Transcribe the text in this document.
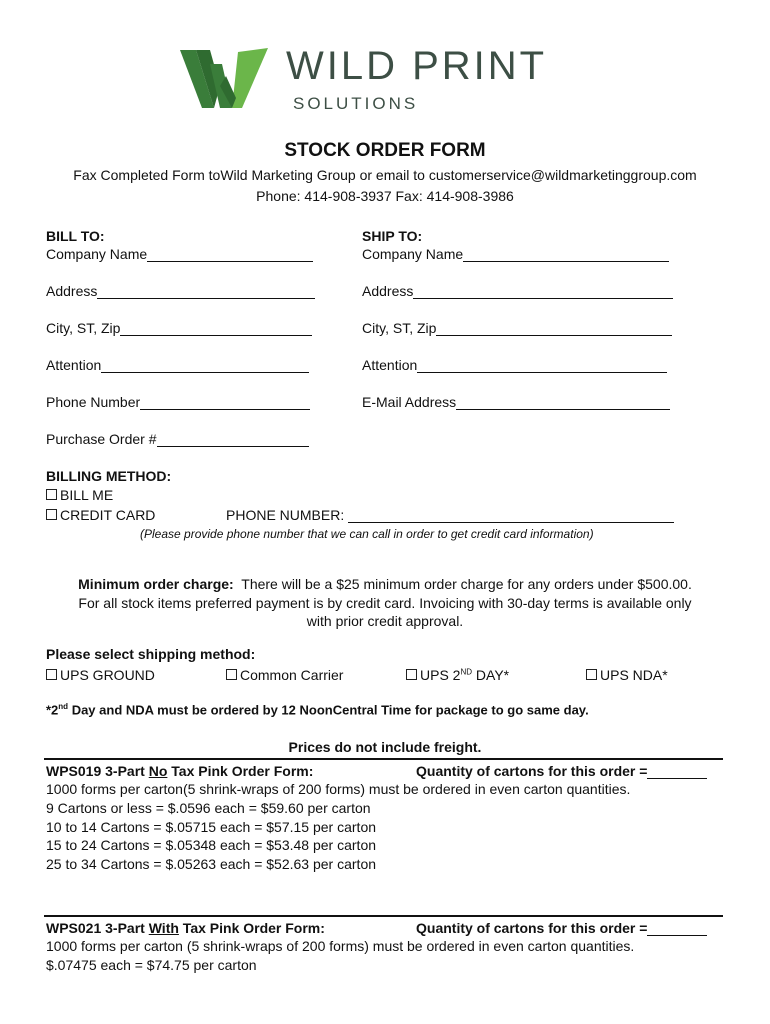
WILD PRINT
SOLUTIONS
STOCK ORDER FORM
Fax Completed Form toWild Marketing Group or email to customerservice@wildmarketinggroup.com
Phone: 414-908-3937 Fax: 414-908-3986
BILL TO:
Company Name
Address
City, ST, Zip
Attention
Phone Number
Purchase Order #
SHIP TO:
Company Name
Address
City, ST, Zip
Attention
E-Mail Address
BILLING METHOD:
BILL ME
CREDIT CARD	PHONE NUMBER:
(Please provide phone number that we can call in order to get credit card information)
Minimum order charge: There will be a $25 minimum order charge for any orders under $500.00.
For all stock items preferred payment is by credit card. Invoicing with 30-day terms is available only
with prior credit approval.
Please select shipping method:
UPS GROUND	Common Carrier	UPS 2ND DAY*	UPS NDA*
*2nd Day and NDA must be ordered by 12 NoonCentral Time for package to go same day.
Prices do not include freight.
WPS019 3-Part No Tax Pink Order Form:	Quantity of cartons for this order =
1000 forms per carton(5 shrink-wraps of 200 forms) must be ordered in even carton quantities.
9 Cartons or less = $.0596 each = $59.60 per carton
10 to 14 Cartons = $.05715 each = $57.15 per carton
15 to 24 Cartons = $.05348 each = $53.48 per carton
25 to 34 Cartons = $.05263 each = $52.63 per carton
WPS021 3-Part With Tax Pink Order Form:	Quantity of cartons for this order =
1000 forms per carton (5 shrink-wraps of 200 forms) must be ordered in even carton quantities.
$.07475 each = $74.75 per carton
